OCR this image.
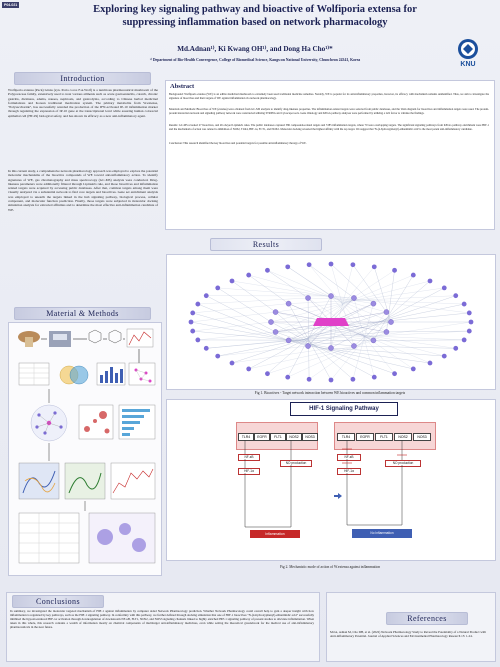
P04-021	Exploring key signaling pathway and bioactive of Wolfiporia extensa for suppressing inflammation based on network pharmacology
Md.Adnan¹⁾, Ki Kwang OH¹⁾, and Dong Ha Cho¹⁾*
¹⁾ Department of Bio-Health Convergence, College of Biomedical Science, Kangwon National University, Chuncheon 24341, Korea
KNU
Introduction
Wolfiporia extensa (Peck) Ginns (syn. Poria cocos F.A.Wolf) is a nutritious pharmaceutical mushroom of the Polyporaceae family, extensively used to treat various ailments such as acute gastroenteritis, catarrh, chronic gastritis, dizziness, edema, nausea, nephrosis, and gastrodynia, according to Chinese herbal medicinal formulations and Korean traditional medication system. The primary metabolite from W.extensa, "Polysaccharide", has successfully retarded the production of the IFN-activated IP-10 inflammation marker through regulating the expression of IP-10 gene at the transcriptional level while assuring human colorectal epithelial cell (HT-29) biological safety, and has shown its efficacy as a new anti-inflammatory agent.
In this current study, a comprehensive network pharmacology approach was employed to explore the potential molecular mechanisms of the bioactive compounds of WE toward anti-inflammatory action. To identify signatures of WE, gas chromatography and mass spectroscopy (GC-MS) analysis were conducted. Drug-likeness parameters were additionally filtered through Lipinski's rule, and those bioactives and inflammation related targets were acquired by accessing public databases. After that, common targets among them were visually analyzed via a substantial network to find core targets and bioactives. Gene set enrichment analysis was employed to unearth the targets linked in the hub signaling pathway, biological process, cellular component, and molecular function prediction. Finally, those targets were subjected in molecular docking simulation analysis for extracted affinities and to determine the most effective anti-inflammation candidate of WE.
Material & Methods
Abstract
Background: Wolfiporia extensa (WE) is an edible medicinal mushroom to extremely been used traditional medicine remedies. Notably, WE is popular for its anti-inflammatory properties, however, its efficacy with mechanism remains unidentified. Thus, we aim to investigate the signature of bioactives and their targets of WE against inflammation via network pharmacology.
Materials and Methods: Bioactives of WE (extensa) were obtained from GC-MS analysis to identify drug-likeness properties. The inflammation-related targets were selected from public databases, and the Venn diagram for bioactives and inflammation targets were used. The protein-protein interaction network and signaling pathway network were constructed utilizing STRING and Cytoscape tools. Gene Ontology and KEGG pathway analyses were performed by utilizing a rich factor to validate the findings.
Results: GC-MS revealed 27 bioactives, and 26 obeyed Lipinski's rules. The public databases captured 586 compounds-related targets and 7285 inflammation targets, where 70 were overlapping targets. The significant signaling pathways from KEGG pathway enrichment were HIF-1 and the mechanism of action was related to inhibition of NOS2, TLR4, HIF-1α, FCT1, and NOX2. Molecular docking revealed the highest affinity with the top target. We suggest that 'N-(4-hydroxyphenyl)-ethanimidic acid' is the most potent anti-inflammatory candidate.
Conclusion: This research identified the key bioactives and potential targets for possible anti-inflammatory therapy of WE.
Results
Fig 1. Bioactives - Target network interaction between WE bioactives and common inflammation targets
HIF-1 Signaling Pathway
TLR4	EGFR	FLT1	NOS2	NOS3
NF-κB
HIF-1α
NO production
Inflammation
TLR4	EGFR	FLT1	NOS2	NOS3
NF-κB
HIF-1α
NO production
No Inflammation
Fig 2. Mechanistic mode of action of W.extensa against inflammation
Conclusions
In summary, we investigated the molecular targeted mechanism of HIF-1 against inflammation by computer aided Network Pharmacology prediction. Whether Network Pharmacology could overall help to gain a deeper insight with how inflammation is regulated by key pathways, such as the HIF-1 signaling pathway. In conformity with this pathway, we further defined through docking simulation that one of HIF-1 bioactives "N-(4-hydroxyphenyl)-ethanimidic acid" successfully inhibited the hypoxia-induced HIF-1α activation through downregulation of downstream NF-κB, FLT1, NOS2, and NOS3 signaling channels linked to highly enriched HIF-1 signaling pathway of present studies to alleviate inflammation. When taken in this whole, this research contains a wealth of information mostly on chemical components of multitarget anti-inflammatory medicines, even while setting the theoretical groundwork for the medical use of anti-inflammatory pharmaceuticals in the near future.
References
Md A, Adnan M, Cho DH, et al. (2022) Network Pharmacology Study to Reveal the Potentiality of a Natural Product with Anti-inflammatory Potential. Journal of Applied Sciences and Environmental Pharmacology Research 15: 1-24.
